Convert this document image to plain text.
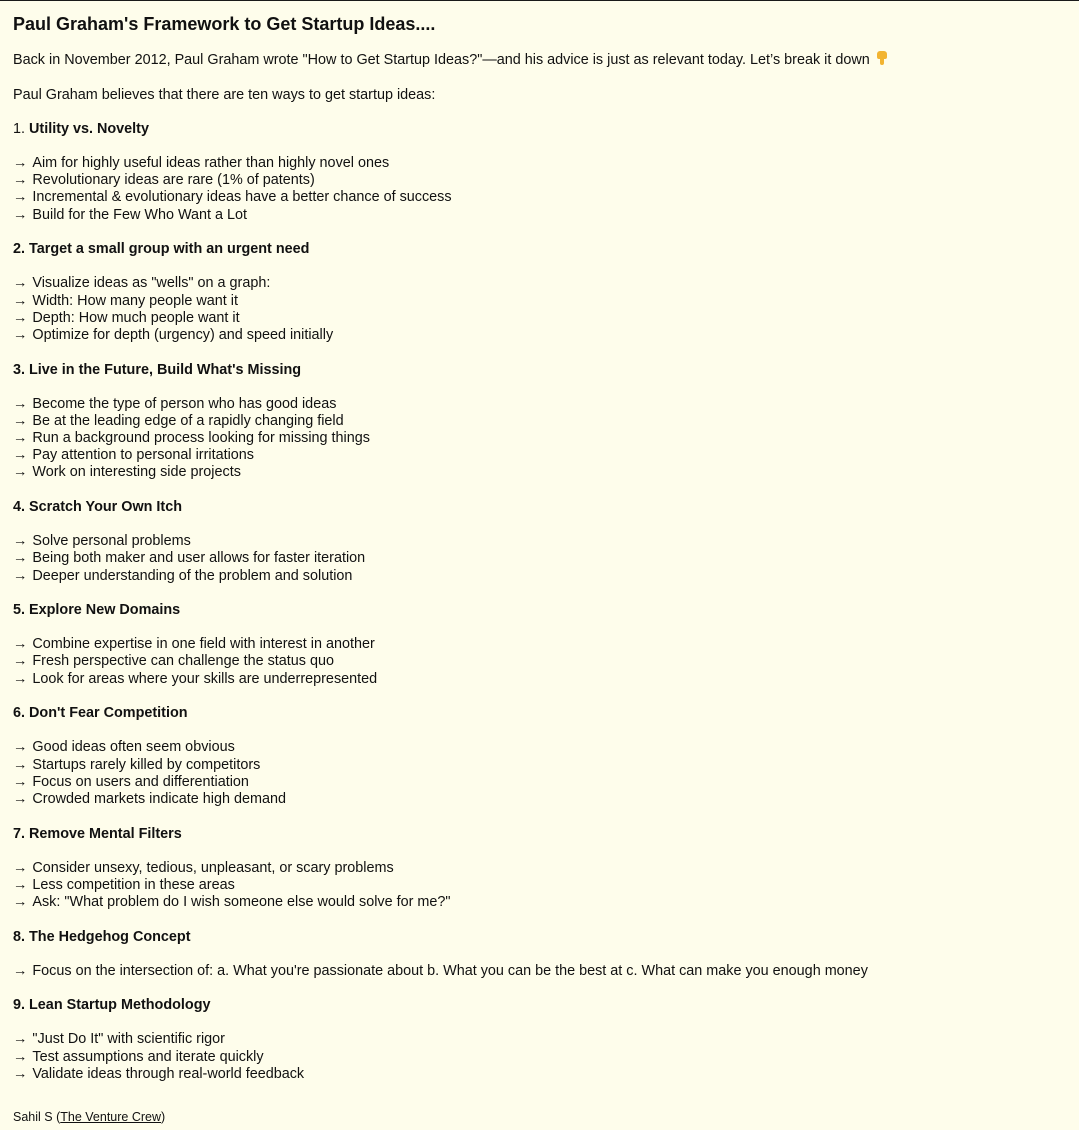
Paul Graham's Framework to Get Startup Ideas....

Back in November 2012, Paul Graham wrote "How to Get Startup Ideas?"—and his advice is just as relevant today. Let’s break it down

Paul Graham believes that there are ten ways to get startup ideas:

1. Utility vs. Novelty
→ Aim for highly useful ideas rather than highly novel ones
→ Revolutionary ideas are rare (1% of patents)
→ Incremental & evolutionary ideas have a better chance of success
→ Build for the Few Who Want a Lot
2. Target a small group with an urgent need
→ Visualize ideas as "wells" on a graph:
→ Width: How many people want it
→ Depth: How much people want it
→ Optimize for depth (urgency) and speed initially
3. Live in the Future, Build What's Missing
→ Become the type of person who has good ideas
→ Be at the leading edge of a rapidly changing field
→ Run a background process looking for missing things
→ Pay attention to personal irritations
→ Work on interesting side projects
4. Scratch Your Own Itch
→ Solve personal problems
→ Being both maker and user allows for faster iteration
→ Deeper understanding of the problem and solution
5. Explore New Domains
→ Combine expertise in one field with interest in another
→ Fresh perspective can challenge the status quo
→ Look for areas where your skills are underrepresented
6. Don't Fear Competition
→ Good ideas often seem obvious
→ Startups rarely killed by competitors
→ Focus on users and differentiation
→ Crowded markets indicate high demand
7. Remove Mental Filters
→ Consider unsexy, tedious, unpleasant, or scary problems
→ Less competition in these areas
→ Ask: "What problem do I wish someone else would solve for me?"
8. The Hedgehog Concept
→ Focus on the intersection of: a. What you're passionate about b. What you can be the best at c. What can make you enough money
9. Lean Startup Methodology
→ "Just Do It" with scientific rigor
→ Test assumptions and iterate quickly
→ Validate ideas through real-world feedback
Sahil S (The Venture Crew)
